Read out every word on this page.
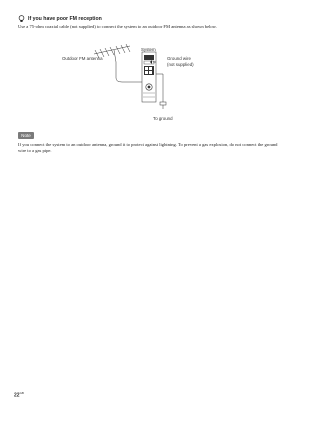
If you have poor FM reception

Use a 75-ohm coaxial cable (not supplied) to connect the system to an outdoor FM antenna as shown below.

Outdoor FM antenna
System
Ground wire
(not supplied)
To ground
Note

If you connect the system to an outdoor antenna, ground it to protect against lightning. To prevent a gas explosion, do not connect the ground wire to a gas pipe.

$22^{GB}$
